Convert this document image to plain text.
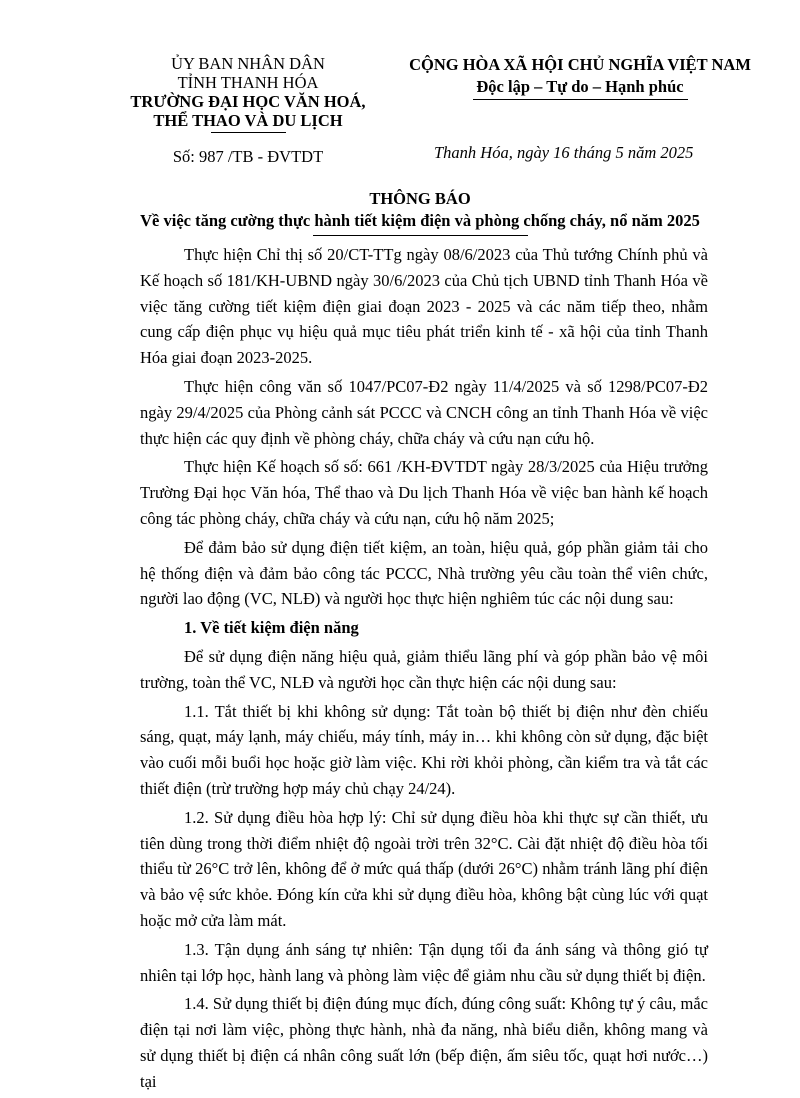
ỦY BAN NHÂN DÂN
TỈNH THANH HÓA
TRƯỜNG ĐẠI HỌC VĂN HOÁ,
THỂ THAO VÀ DU LỊCH
Số: 987 /TB - ĐVTDT
CỘNG HÒA XÃ HỘI CHỦ NGHĨA VIỆT NAM
Độc lập – Tự do – Hạnh phúc
Thanh Hóa, ngày 16 tháng 5 năm 2025
THÔNG BÁO
Về việc tăng cường thực hành tiết kiệm điện và phòng chống cháy, nổ năm 2025

Thực hiện Chỉ thị số 20/CT-TTg ngày 08/6/2023 của Thủ tướng Chính phủ và Kế hoạch số 181/KH-UBND ngày 30/6/2023 của Chủ tịch UBND tỉnh Thanh Hóa về việc tăng cường tiết kiệm điện giai đoạn 2023 - 2025 và các năm tiếp theo, nhằm cung cấp điện phục vụ hiệu quả mục tiêu phát triển kinh tế - xã hội của tỉnh Thanh Hóa giai đoạn 2023-2025.

Thực hiện công văn số 1047/PC07-Đ2 ngày 11/4/2025 và số 1298/PC07-Đ2 ngày 29/4/2025 của Phòng cảnh sát PCCC và CNCH công an tỉnh Thanh Hóa về việc thực hiện các quy định về phòng cháy, chữa cháy và cứu nạn cứu hộ.

Thực hiện Kế hoạch số số: 661 /KH-ĐVTDT ngày 28/3/2025 của Hiệu trưởng Trường Đại học Văn hóa, Thể thao và Du lịch Thanh Hóa về việc ban hành kế hoạch công tác phòng cháy, chữa cháy và cứu nạn, cứu hộ năm 2025;

Để đảm bảo sử dụng điện tiết kiệm, an toàn, hiệu quả, góp phần giảm tải cho hệ thống điện và đảm bảo công tác PCCC, Nhà trường yêu cầu toàn thể viên chức, người lao động (VC, NLĐ) và người học thực hiện nghiêm túc các nội dung sau:

1. Về tiết kiệm điện năng

Để sử dụng điện năng hiệu quả, giảm thiểu lãng phí và góp phần bảo vệ môi trường, toàn thể VC, NLĐ và người học cần thực hiện các nội dung sau:

1.1. Tắt thiết bị khi không sử dụng: Tắt toàn bộ thiết bị điện như đèn chiếu sáng, quạt, máy lạnh, máy chiếu, máy tính, máy in… khi không còn sử dụng, đặc biệt vào cuối mỗi buổi học hoặc giờ làm việc. Khi rời khỏi phòng, cần kiểm tra và tắt các thiết điện (trừ trường hợp máy chủ chạy 24/24).

1.2. Sử dụng điều hòa hợp lý: Chỉ sử dụng điều hòa khi thực sự cần thiết, ưu tiên dùng trong thời điểm nhiệt độ ngoài trời trên 32°C. Cài đặt nhiệt độ điều hòa tối thiểu từ 26°C trở lên, không để ở mức quá thấp (dưới 26°C) nhằm tránh lãng phí điện và bảo vệ sức khỏe. Đóng kín cửa khi sử dụng điều hòa, không bật cùng lúc với quạt hoặc mở cửa làm mát.

1.3. Tận dụng ánh sáng tự nhiên: Tận dụng tối đa ánh sáng và thông gió tự nhiên tại lớp học, hành lang và phòng làm việc để giảm nhu cầu sử dụng thiết bị điện.

1.4. Sử dụng thiết bị điện đúng mục đích, đúng công suất: Không tự ý câu, mắc điện tại nơi làm việc, phòng thực hành, nhà đa năng, nhà biểu diễn, không mang và sử dụng thiết bị điện cá nhân công suất lớn (bếp điện, ấm siêu tốc, quạt hơi nước…) tại
